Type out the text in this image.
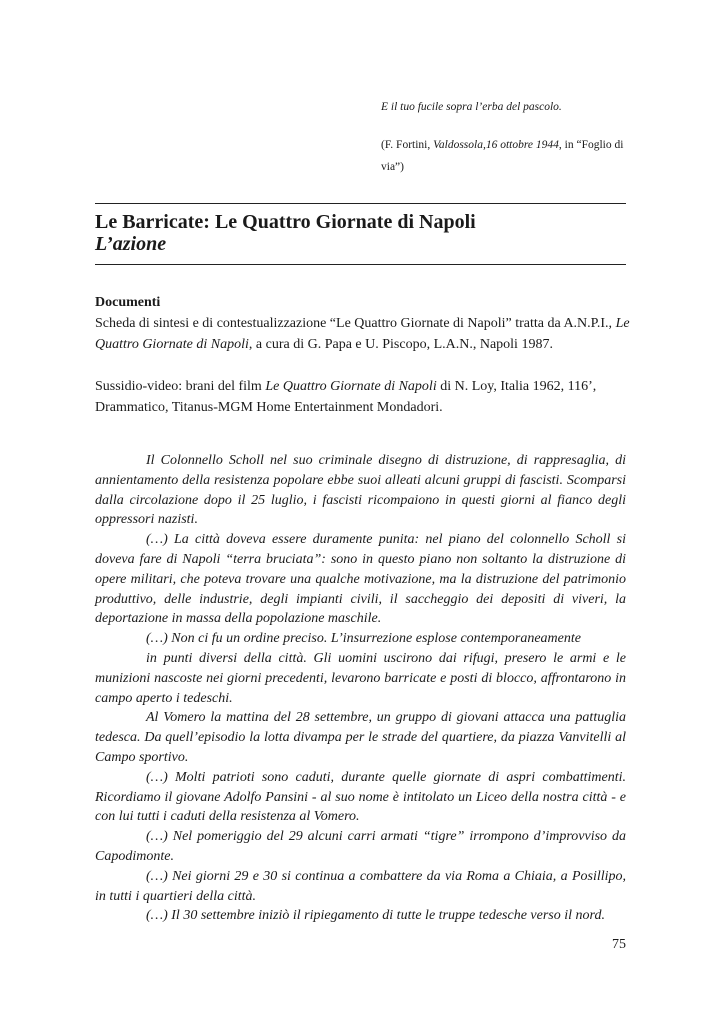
E il tuo fucile sopra l’erba del pascolo.
(F. Fortini, Valdossola,16 ottobre 1944, in “Foglio di via”)
Le Barricate: Le Quattro Giornate di Napoli
L’azione

Documenti

Scheda di sintesi e di contestualizzazione “Le Quattro Giornate di Napoli” tratta da A.N.P.I., Le Quattro Giornate di Napoli, a cura di G. Papa e U. Piscopo, L.A.N., Napoli 1987.

Sussidio-video: brani del film Le Quattro Giornate di Napoli di N. Loy, Italia 1962, 116’, Drammatico, Titanus-MGM Home Entertainment Mondadori.

Il Colonnello Scholl nel suo criminale disegno di distruzione, di rappresaglia, di annientamento della resistenza popolare ebbe suoi alleati alcuni gruppi di fascisti. Scomparsi dalla circolazione dopo il 25 luglio, i fascisti ricompaiono in questi giorni al fianco degli oppressori nazisti.

(…) La città doveva essere duramente punita: nel piano del colonnello Scholl si doveva fare di Napoli “terra bruciata”: sono in questo piano non soltanto la distruzione di opere militari, che poteva trovare una qualche motivazione, ma la distruzione del patrimonio produttivo, delle industrie, degli impianti civili, il saccheggio dei depositi di viveri, la deportazione in massa della popolazione maschile.

(…) Non ci fu un ordine preciso. L’insurrezione esplose contemporaneamente

in punti diversi della città. Gli uomini uscirono dai rifugi, presero le armi e le munizioni nascoste nei giorni precedenti, levarono barricate e posti di blocco, affrontarono in campo aperto i tedeschi.

Al Vomero la mattina del 28 settembre, un gruppo di giovani attacca una pattuglia tedesca. Da quell’episodio la lotta divampa per le strade del quartiere, da piazza Vanvitelli al Campo sportivo.

(…) Molti patrioti sono caduti, durante quelle giornate di aspri combattimenti. Ricordiamo il giovane Adolfo Pansini - al suo nome è intitolato un Liceo della nostra città - e con lui tutti i caduti della resistenza al Vomero.

(…) Nel pomeriggio del 29 alcuni carri armati “tigre” irrompono d’improvviso da Capodimonte.

(…) Nei giorni 29 e 30 si continua a combattere da via Roma a Chiaia, a Posillipo, in tutti i quartieri della città.

(…) Il 30 settembre iniziò il ripiegamento di tutte le truppe tedesche verso il nord.

75
